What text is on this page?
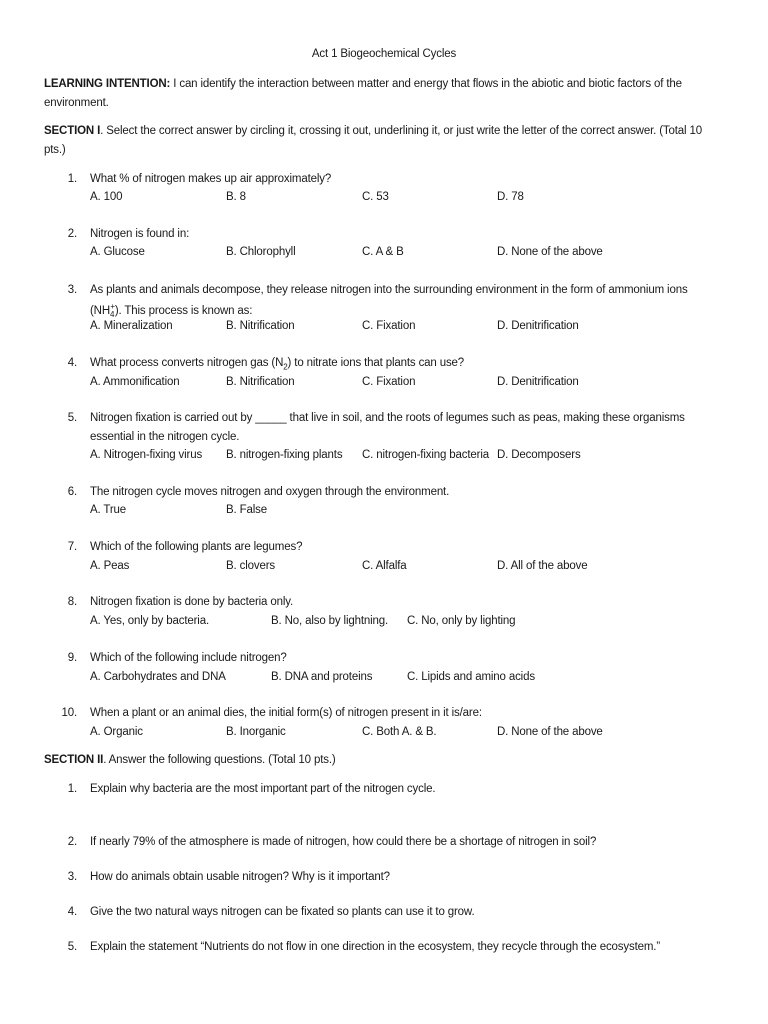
Act 1 Biogeochemical Cycles
LEARNING INTENTION: I can identify the interaction between matter and energy that flows in the abiotic and biotic factors of the
environment.
SECTION I. Select the correct answer by circling it, crossing it out, underlining it, or just write the letter of the correct answer. (Total 10
pts.)
1. What % of nitrogen makes up air approximately?
A. 100	B. 8	C. 53	D. 78
2. Nitrogen is found in:
A. Glucose	B. Chlorophyll	C. A & B	D. None of the above
3. As plants and animals decompose, they release nitrogen into the surrounding environment in the form of ammonium ions
$(NH_4^+)$. This process is known as:
A. Mineralization	B. Nitrification	C. Fixation	D. Denitrification
4. What process converts nitrogen gas $(N_2)$ to nitrate ions that plants can use?
A. Ammonification	B. Nitrification	C. Fixation	D. Denitrification
5. Nitrogen fixation is carried out by _____ that live in soil, and the roots of legumes such as peas, making these organisms
essential in the nitrogen cycle.
A. Nitrogen-fixing virus B. nitrogen-fixing plants C. nitrogen-fixing bacteria D. Decomposers
6. The nitrogen cycle moves nitrogen and oxygen through the environment.
A. True	B. False
7. Which of the following plants are legumes?
A. Peas	B. clovers	C. Alfalfa	D. All of the above
8. Nitrogen fixation is done by bacteria only.
A. Yes, only by bacteria.	B. No, also by lightning. C. No, only by lighting
9. Which of the following include nitrogen?
A. Carbohydrates and DNA	B. DNA and proteins	C. Lipids and amino acids
10. When a plant or an animal dies, the initial form(s) of nitrogen present in it is/are:
A. Organic	B. Inorganic	C. Both A. & B.	D. None of the above
SECTION II. Answer the following questions. (Total 10 pts.)
1. Explain why bacteria are the most important part of the nitrogen cycle.
2. If nearly 79% of the atmosphere is made of nitrogen, how could there be a shortage of nitrogen in soil?
3. How do animals obtain usable nitrogen? Why is it important?
4. Give the two natural ways nitrogen can be fixated so plants can use it to grow.
5. Explain the statement “Nutrients do not flow in one direction in the ecosystem, they recycle through the ecosystem.”
